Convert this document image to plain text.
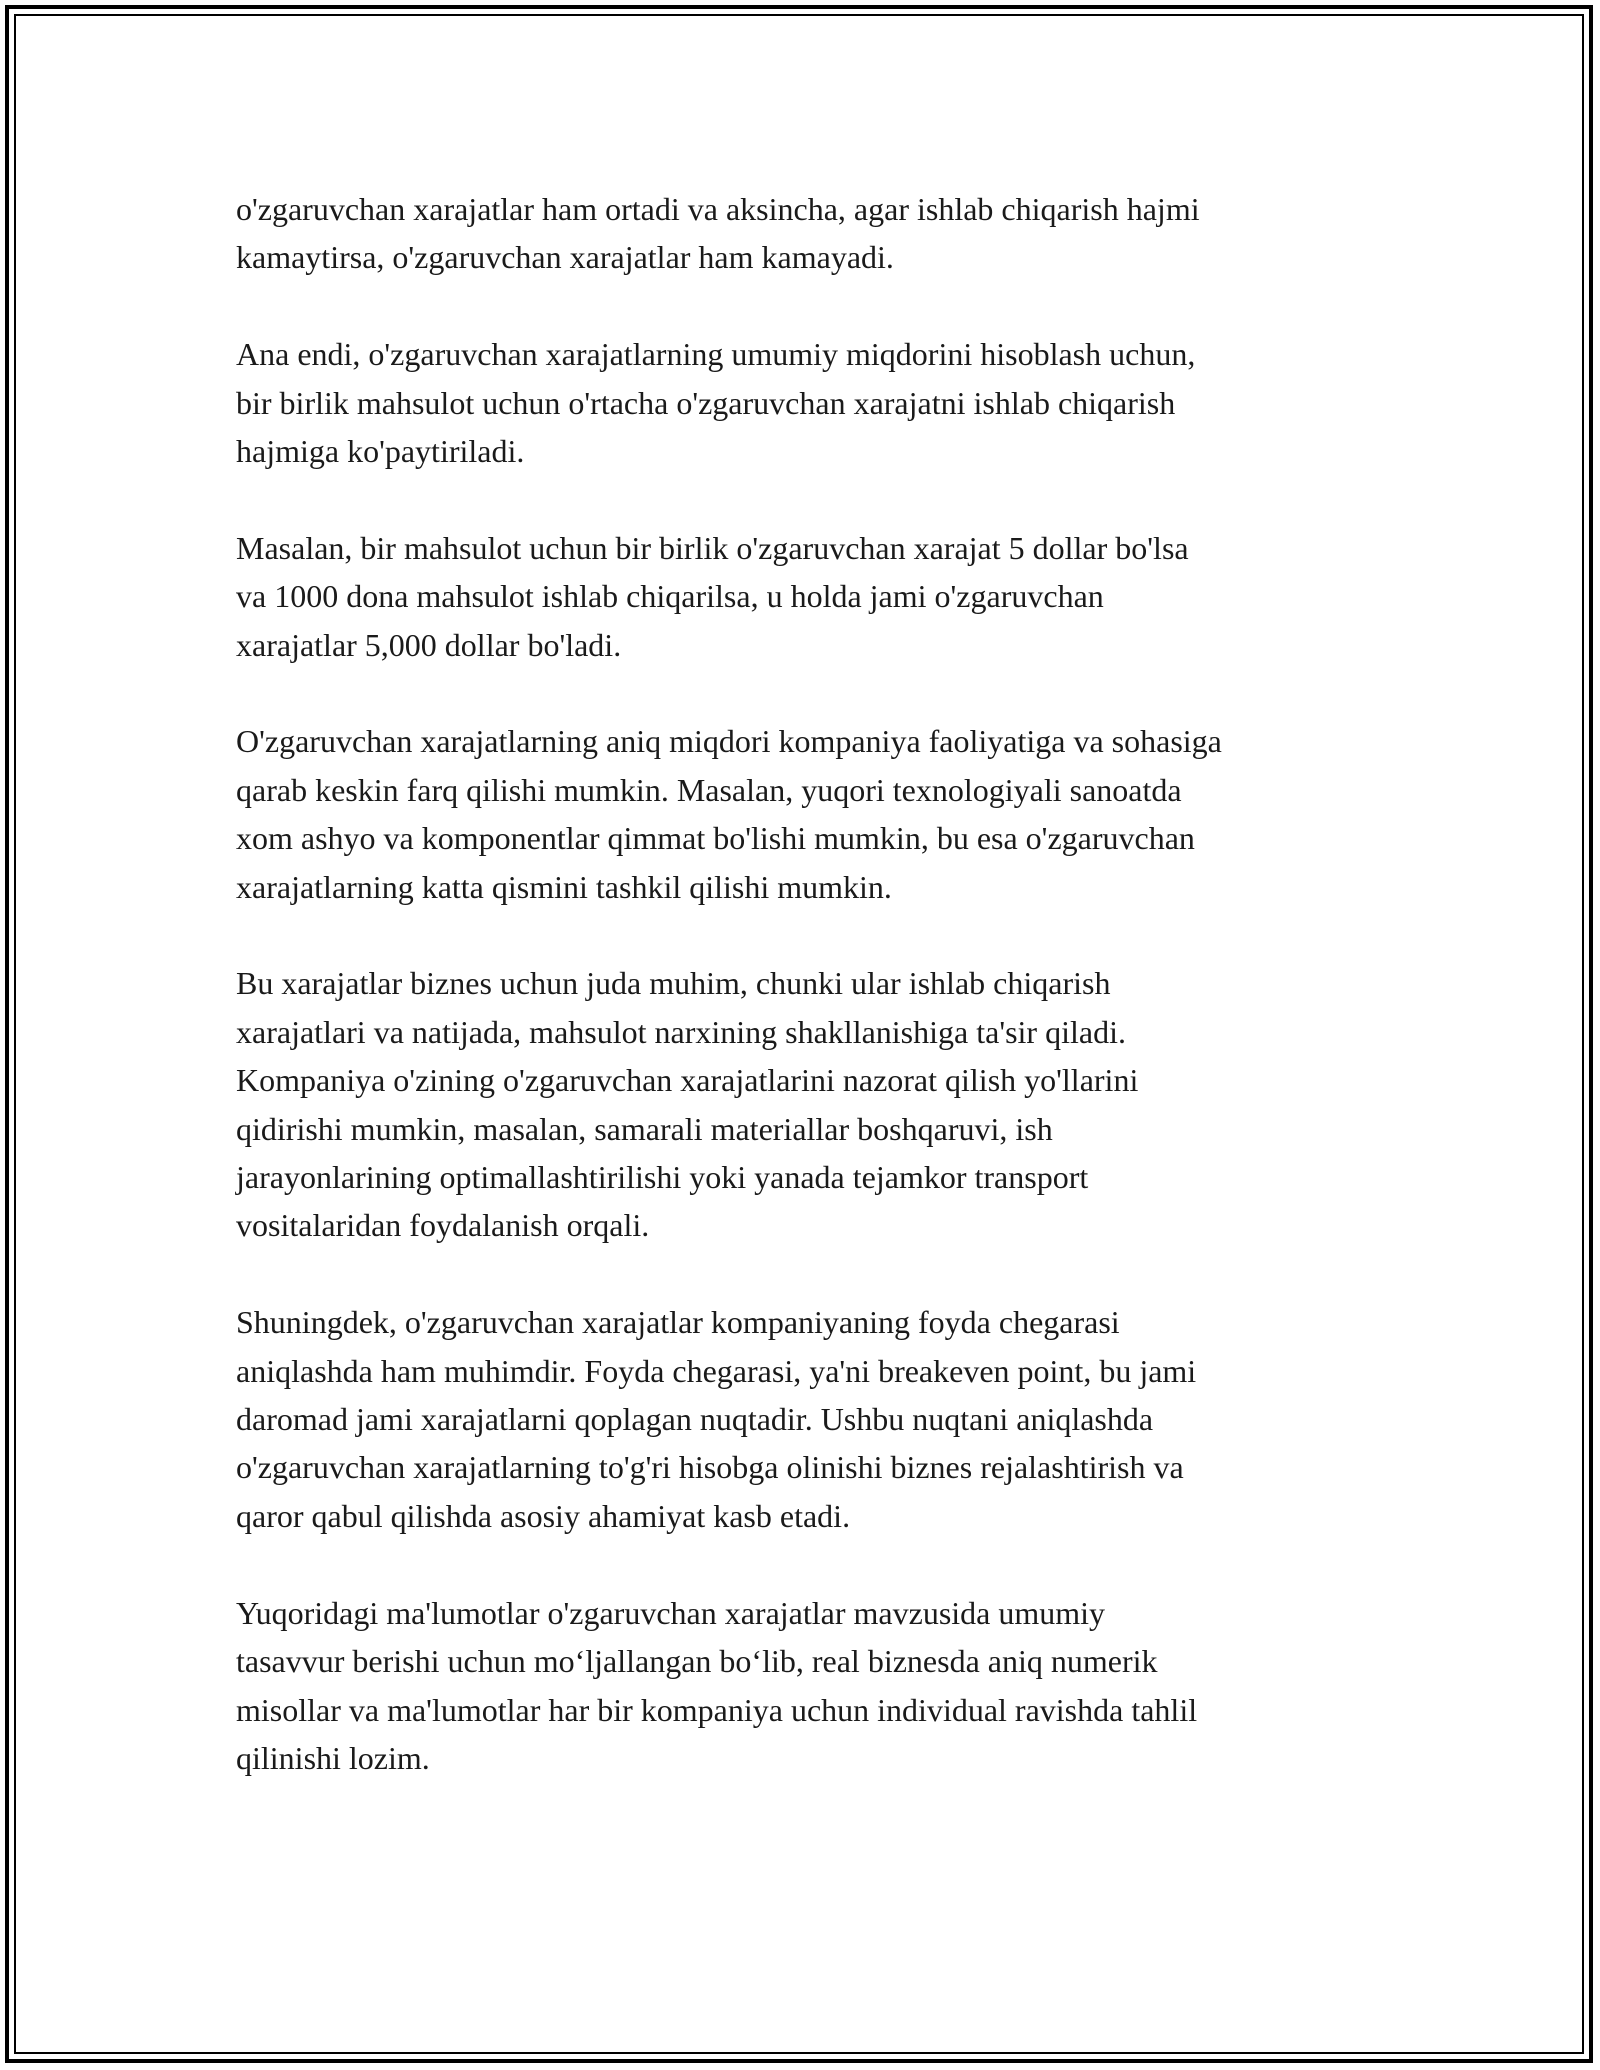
o'zgaruvchan xarajatlar ham ortadi va aksincha, agar ishlab chiqarish hajmi
kamaytirsa, o'zgaruvchan xarajatlar ham kamayadi.

Ana endi, o'zgaruvchan xarajatlarning umumiy miqdorini hisoblash uchun,
bir birlik mahsulot uchun o'rtacha o'zgaruvchan xarajatni ishlab chiqarish
hajmiga ko'paytiriladi.

Masalan, bir mahsulot uchun bir birlik o'zgaruvchan xarajat 5 dollar bo'lsa
va 1000 dona mahsulot ishlab chiqarilsa, u holda jami o'zgaruvchan
xarajatlar 5,000 dollar bo'ladi.

O'zgaruvchan xarajatlarning aniq miqdori kompaniya faoliyatiga va sohasiga
qarab keskin farq qilishi mumkin. Masalan, yuqori texnologiyali sanoatda
xom ashyo va komponentlar qimmat bo'lishi mumkin, bu esa o'zgaruvchan
xarajatlarning katta qismini tashkil qilishi mumkin.

Bu xarajatlar biznes uchun juda muhim, chunki ular ishlab chiqarish
xarajatlari va natijada, mahsulot narxining shakllanishiga ta'sir qiladi.
Kompaniya o'zining o'zgaruvchan xarajatlarini nazorat qilish yo'llarini
qidirishi mumkin, masalan, samarali materiallar boshqaruvi, ish
jarayonlarining optimallashtirilishi yoki yanada tejamkor transport
vositalaridan foydalanish orqali.

Shuningdek, o'zgaruvchan xarajatlar kompaniyaning foyda chegarasi
aniqlashda ham muhimdir. Foyda chegarasi, ya'ni breakeven point, bu jami
daromad jami xarajatlarni qoplagan nuqtadir. Ushbu nuqtani aniqlashda
o'zgaruvchan xarajatlarning to'g'ri hisobga olinishi biznes rejalashtirish va
qaror qabul qilishda asosiy ahamiyat kasb etadi.

Yuqoridagi ma'lumotlar o'zgaruvchan xarajatlar mavzusida umumiy
tasavvur berishi uchun mo‘ljallangan bo‘lib, real biznesda aniq numerik
misollar va ma'lumotlar har bir kompaniya uchun individual ravishda tahlil
qilinishi lozim.
